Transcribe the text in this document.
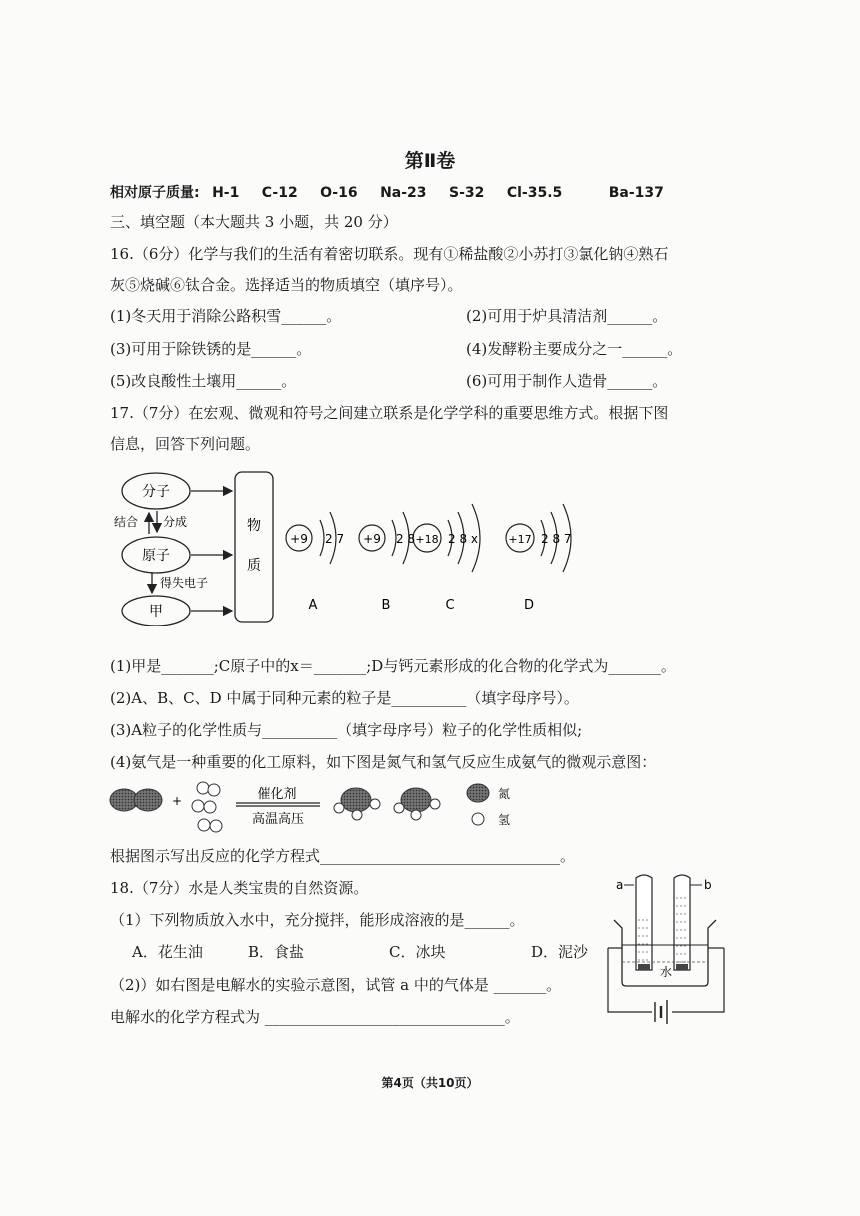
第Ⅱ卷
相对原子质量: H-1 C-12 O-16 Na-23 S-32 Cl-35.5	Ba-137
三、填空题（本大题共 3 小题，共 20 分）
16.（6分）化学与我们的生活有着密切联系。现有①稀盐酸②小苏打③氯化钠④熟石
灰⑤烧碱⑥钛合金。选择适当的物质填空（填序号）。
(1)冬天用于消除公路积雪______。	(2)可用于炉具清洁剂______。
(3)可用于除铁锈的是______。	(4)发酵粉主要成分之一______。
(5)改良酸性土壤用______。	(6)可用于制作人造骨______。
17.（7分）在宏观、微观和符号之间建立联系是化学学科的重要思维方式。根据下图
信息，回答下列问题。
分子
原子
甲
结合 分成
得失电子
物
质
+9 2 7 +9 2 8 +18 2 8 x	+17 2 8 7
A	B	C	D
(1)甲是_______;C原子中的x＝_______;D与钙元素形成的化合物的化学式为_______。
(2)A、B、C、D 中属于同种元素的粒子是__________（填字母序号）。
(3)A粒子的化学性质与__________（填字母序号）粒子的化学性质相似;
(4)氨气是一种重要的化工原料，如下图是氮气和氢气反应生成氨气的微观示意图：
+	催化剂
高温高压
氮
氢
根据图示写出反应的化学方程式________________________________。
18.（7分）水是人类宝贵的自然资源。
（1）下列物质放入水中，充分搅拌，能形成溶液的是______。
A．花生油	B．食盐	C．冰块	D．泥沙
（2)）如右图是电解水的实验示意图，试管 a 中的气体是 _______。
电解水的化学方程式为 ________________________________。
a	b
水
第4页（共10页）
